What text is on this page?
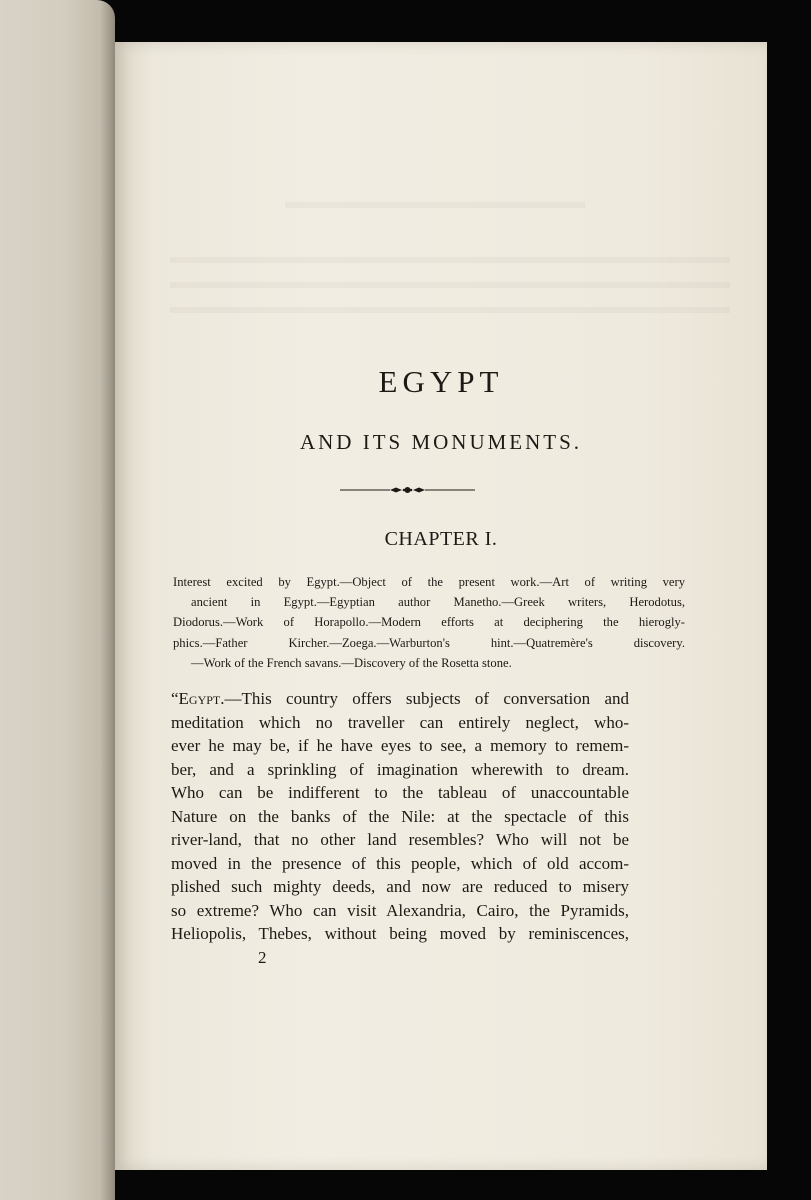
EGYPT
AND ITS MONUMENTS.
CHAPTER I.
Interest excited by Egypt.—Object of the present work.—Art of writing very
ancient in Egypt.—Egyptian author Manetho.—Greek writers, Herodotus,
Diodorus.—Work of Horapollo.—Modern efforts at deciphering the hierogly-
phics.—Father Kircher.—Zoega.—Warburton's hint.—Quatremère's discovery.
—Work of the French savans.—Discovery of the Rosetta stone.
“Egypt.—This country offers subjects of conversation and
meditation which no traveller can entirely neglect, who-
ever he may be, if he have eyes to see, a memory to remem-
ber, and a sprinkling of imagination wherewith to dream.
Who can be indifferent to the tableau of unaccountable
Nature on the banks of the Nile: at the spectacle of this
river-land, that no other land resembles? Who will not be
moved in the presence of this people, which of old accom-
plished such mighty deeds, and now are reduced to misery
so extreme? Who can visit Alexandria, Cairo, the Pyramids,
Heliopolis, Thebes, without being moved by reminiscences,
2
